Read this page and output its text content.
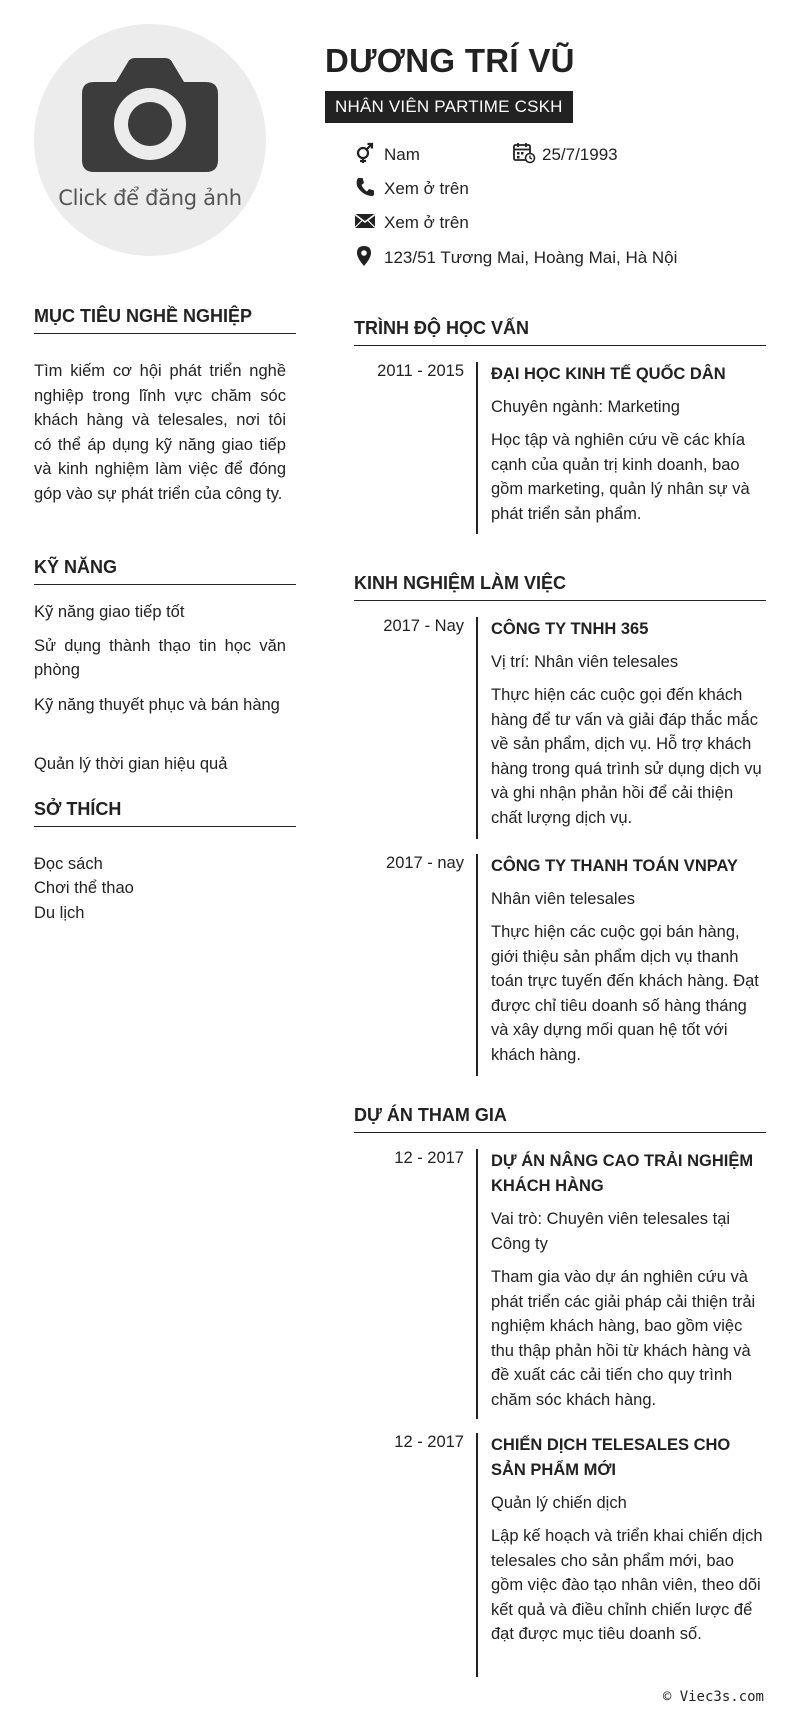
Click để đăng ảnh
DƯƠNG TRÍ VŨ
NHÂN VIÊN PARTIME CSKH
Nam	25/7/1993
Xem ở trên
Xem ở trên
123/51 Tương Mai, Hoàng Mai, Hà Nội
MỤC TIÊU NGHỀ NGHIỆP
Tìm kiếm cơ hội phát triển nghề nghiệp trong lĩnh vực chăm sóc khách hàng và telesales, nơi tôi có thể áp dụng kỹ năng giao tiếp và kinh nghiệm làm việc để đóng góp vào sự phát triển của công ty.
KỸ NĂNG
Kỹ năng giao tiếp tốt
Sử dụng thành thạo tin học văn phòng
Kỹ năng thuyết phục và bán hàng
Quản lý thời gian hiệu quả
SỞ THÍCH
Đọc sách
Chơi thể thao
Du lịch
TRÌNH ĐỘ HỌC VẤN
2011 - 2015 ĐẠI HỌC KINH TẾ QUỐC DÂN
Chuyên ngành: Marketing
Học tập và nghiên cứu về các khía cạnh của quản trị kinh doanh, bao gồm marketing, quản lý nhân sự và phát triển sản phẩm.
KINH NGHIỆM LÀM VIỆC
2017 - Nay CÔNG TY TNHH 365
Vị trí: Nhân viên telesales
Thực hiện các cuộc gọi đến khách hàng để tư vấn và giải đáp thắc mắc về sản phẩm, dịch vụ. Hỗ trợ khách hàng trong quá trình sử dụng dịch vụ và ghi nhận phản hồi để cải thiện chất lượng dịch vụ.
2017 - nay CÔNG TY THANH TOÁN VNPAY
Nhân viên telesales
Thực hiện các cuộc gọi bán hàng, giới thiệu sản phẩm dịch vụ thanh toán trực tuyến đến khách hàng. Đạt được chỉ tiêu doanh số hàng tháng và xây dựng mối quan hệ tốt với khách hàng.
DỰ ÁN THAM GIA
12 - 2017 DỰ ÁN NÂNG CAO TRẢI NGHIỆM KHÁCH HÀNG
Vai trò: Chuyên viên telesales tại Công ty
Tham gia vào dự án nghiên cứu và phát triển các giải pháp cải thiện trải nghiệm khách hàng, bao gồm việc thu thập phản hồi từ khách hàng và đề xuất các cải tiến cho quy trình chăm sóc khách hàng.
12 - 2017 CHIẾN DỊCH TELESALES CHO SẢN PHẨM MỚI
Quản lý chiến dịch
Lập kế hoạch và triển khai chiến dịch telesales cho sản phẩm mới, bao gồm việc đào tạo nhân viên, theo dõi kết quả và điều chỉnh chiến lược để đạt được mục tiêu doanh số.
© Viec3s.com
